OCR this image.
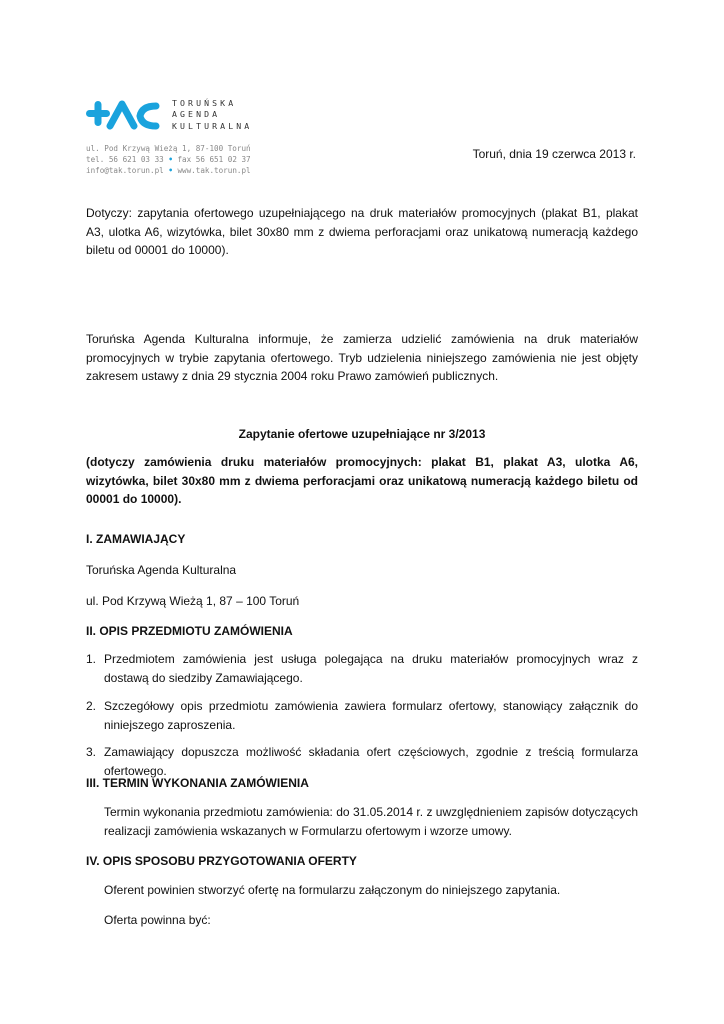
TORUŃSKA
AGENDA
KULTURALNA
ul. Pod Krzywą Wieżą 1, 87-100 Toruń
tel. 56 621 03 33 • fax 56 651 02 37
info@tak.torun.pl • www.tak.torun.pl
Toruń, dnia 19 czerwca 2013 r.

Dotyczy: zapytania ofertowego uzupełniającego na druk materiałów promocyjnych (plakat B1, plakat A3, ulotka A6, wizytówka, bilet 30x80 mm z dwiema perforacjami oraz unikatową numeracją każdego biletu od 00001 do 10000).

Toruńska Agenda Kulturalna informuje, że zamierza udzielić zamówienia na druk materiałów promocyjnych w trybie zapytania ofertowego. Tryb udzielenia niniejszego zamówienia nie jest objęty zakresem ustawy z dnia 29 stycznia 2004 roku Prawo zamówień publicznych.

Zapytanie ofertowe uzupełniające nr 3/2013

(dotyczy zamówienia druku materiałów promocyjnych: plakat B1, plakat A3, ulotka A6, wizytówka, bilet 30x80 mm z dwiema perforacjami oraz unikatową numeracją każdego biletu od 00001 do 10000).

I. ZAMAWIAJĄCY

Toruńska Agenda Kulturalna

ul. Pod Krzywą Wieżą 1, 87 – 100 Toruń

II. OPIS PRZEDMIOTU ZAMÓWIENIA
1. Przedmiotem zamówienia jest usługa polegająca na druku materiałów promocyjnych wraz z dostawą do siedziby Zamawiającego.
2. Szczegółowy opis przedmiotu zamówienia zawiera formularz ofertowy, stanowiący załącznik do niniejszego zaproszenia.
3. Zamawiający dopuszcza możliwość składania ofert częściowych, zgodnie z treścią formularza ofertowego.
III. TERMIN WYKONANIA ZAMÓWIENIA

Termin wykonania przedmiotu zamówienia: do 31.05.2014 r. z uwzględnieniem zapisów dotyczących realizacji zamówienia wskazanych w Formularzu ofertowym i wzorze umowy.

IV. OPIS SPOSOBU PRZYGOTOWANIA OFERTY

Oferent powinien stworzyć ofertę na formularzu załączonym do niniejszego zapytania.

Oferta powinna być:
